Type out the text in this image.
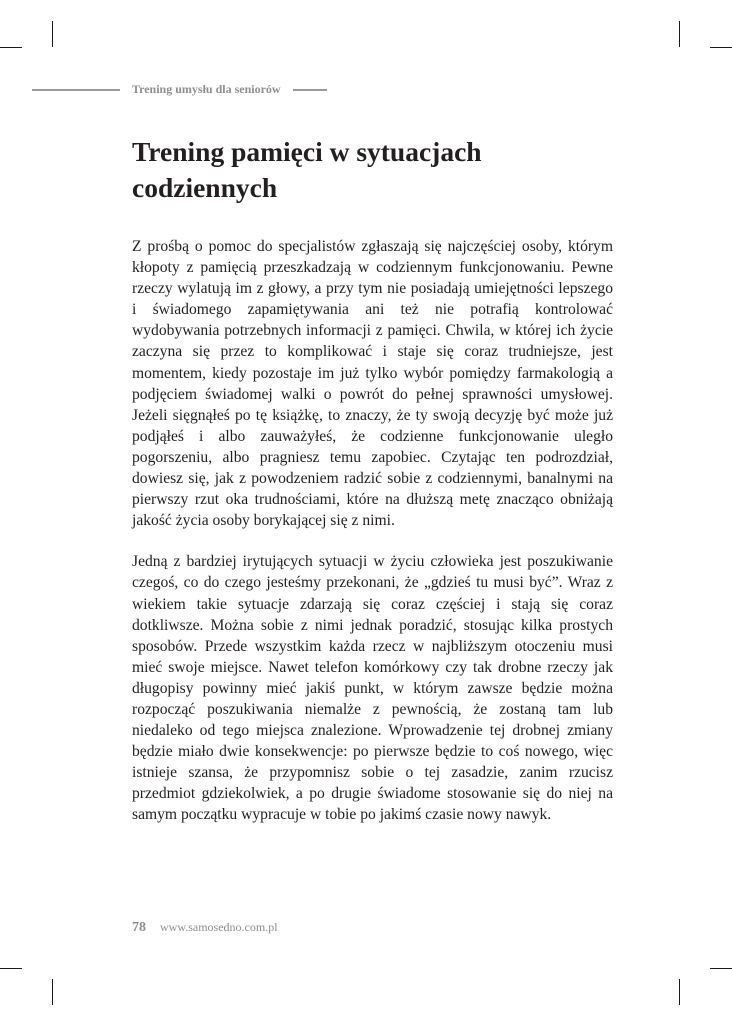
Trening umysłu dla seniorów
Trening pamięci w sytuacjach
codziennych

Z prośbą o pomoc do specjalistów zgłaszają się najczęściej osoby, którym kłopoty z pamięcią przeszkadzają w codziennym funkcjonowaniu. Pewne rzeczy wylatują im z głowy, a przy tym nie posiadają umiejętności lepszego i świadomego zapamiętywania ani też nie potrafią kontrolować wydobywania potrzebnych informacji z pamięci. Chwila, w której ich życie zaczyna się przez to komplikować i staje się coraz trudniejsze, jest momentem, kiedy pozostaje im już tylko wybór pomiędzy farmakologią a podjęciem świadomej walki o powrót do pełnej sprawności umysłowej. Jeżeli sięgnąłeś po tę książkę, to znaczy, że ty swoją decyzję być może już podjąłeś i albo zauważyłeś, że codzienne funkcjonowanie uległo pogorszeniu, albo pragniesz temu zapobiec. Czytając ten podrozdział, dowiesz się, jak z powodzeniem radzić sobie z codziennymi, banalnymi na pierwszy rzut oka trudnościami, które na dłuższą metę znacząco obniżają jakość życia osoby borykającej się z nimi.

Jedną z bardziej irytujących sytuacji w życiu człowieka jest poszukiwanie czegoś, co do czego jesteśmy przekonani, że „gdzieś tu musi być”. Wraz z wiekiem takie sytuacje zdarzają się coraz częściej i stają się coraz dotkliwsze. Można sobie z nimi jednak poradzić, stosując kilka prostych sposobów. Przede wszystkim każda rzecz w najbliższym otoczeniu musi mieć swoje miejsce. Nawet telefon komórkowy czy tak drobne rzeczy jak długopisy powinny mieć jakiś punkt, w którym zawsze będzie można rozpocząć poszukiwania niemalże z pewnością, że zostaną tam lub niedaleko od tego miejsca znalezione. Wprowadzenie tej drobnej zmiany będzie miało dwie konsekwencje: po pierwsze będzie to coś nowego, więc istnieje szansa, że przypomnisz sobie o tej zasadzie, zanim rzucisz przedmiot gdziekolwiek, a po drugie świadome stosowanie się do niej na samym początku wypracuje w tobie po jakimś czasie nowy nawyk.

78 www.samosedno.com.pl
